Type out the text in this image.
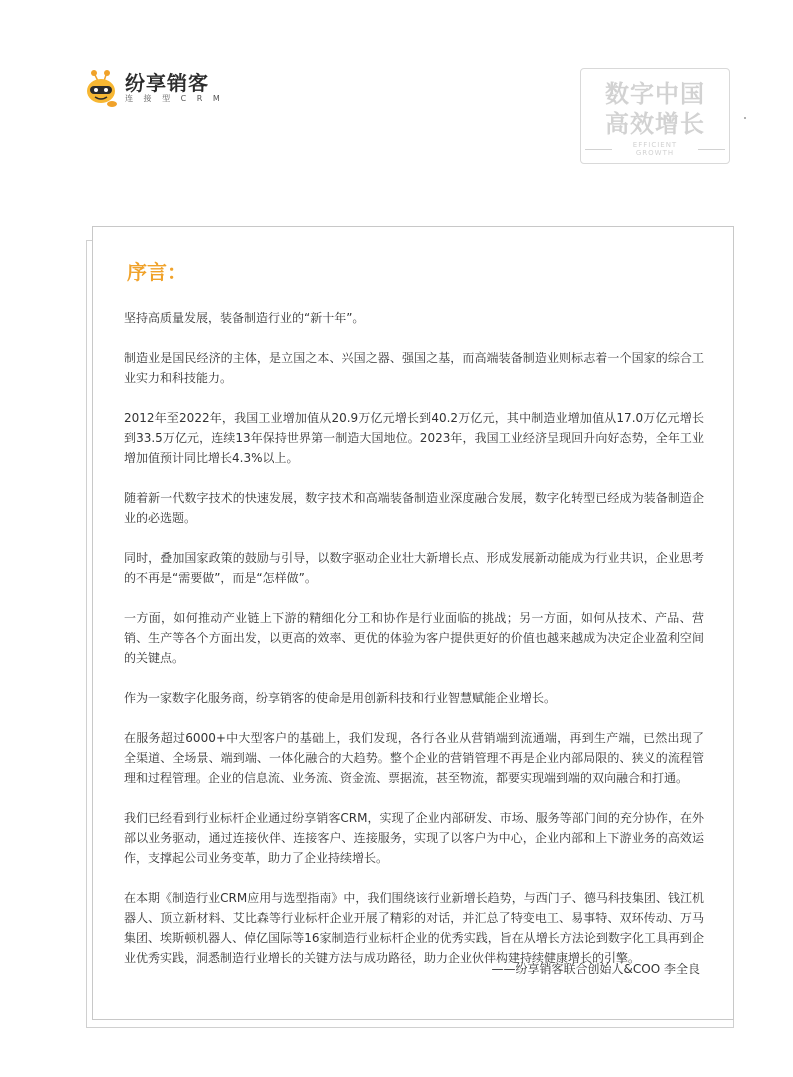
纷享销客
连 接 型 C R M	数字中国
高效增长
EFFICIENT GROWTH
序言：

坚持高质量发展，装备制造行业的“新十年”。

制造业是国民经济的主体，是立国之本、兴国之器、强国之基，而高端装备制造业则标志着一个国家的综合工业实力和科技能力。

2012年至2022年，我国工业增加值从20.9万亿元增长到40.2万亿元，其中制造业增加值从17.0万亿元增长到33.5万亿元，连续13年保持世界第一制造大国地位。2023年，我国工业经济呈现回升向好态势，全年工业增加值预计同比增长4.3%以上。

随着新一代数字技术的快速发展，数字技术和高端装备制造业深度融合发展，数字化转型已经成为装备制造企业的必选题。

同时，叠加国家政策的鼓励与引导，以数字驱动企业壮大新增长点、形成发展新动能成为行业共识，企业思考的不再是“需要做”，而是“怎样做”。

一方面，如何推动产业链上下游的精细化分工和协作是行业面临的挑战；另一方面，如何从技术、产品、营销、生产等各个方面出发，以更高的效率、更优的体验为客户提供更好的价值也越来越成为决定企业盈利空间的关键点。

作为一家数字化服务商，纷享销客的使命是用创新科技和行业智慧赋能企业增长。

在服务超过6000+中大型客户的基础上，我们发现，各行各业从营销端到流通端，再到生产端，已然出现了全渠道、全场景、端到端、一体化融合的大趋势。整个企业的营销管理不再是企业内部局限的、狭义的流程管理和过程管理。企业的信息流、业务流、资金流、票据流，甚至物流，都要实现端到端的双向融合和打通。

我们已经看到行业标杆企业通过纷享销客CRM，实现了企业内部研发、市场、服务等部门间的充分协作，在外部以业务驱动，通过连接伙伴、连接客户、连接服务，实现了以客户为中心，企业内部和上下游业务的高效运作，支撑起公司业务变革，助力了企业持续增长。

在本期《制造行业CRM应用与选型指南》中，我们围绕该行业新增长趋势，与西门子、德马科技集团、钱江机器人、顶立新材料、艾比森等行业标杆企业开展了精彩的对话，并汇总了特变电工、易事特、双环传动、万马集团、埃斯顿机器人、倬亿国际等16家制造行业标杆企业的优秀实践，旨在从增长方法论到数字化工具再到企业优秀实践，洞悉制造行业增长的关键方法与成功路径，助力企业伙伴构建持续健康增长的引擎。

——纷享销客联合创始人&COO 李全良
